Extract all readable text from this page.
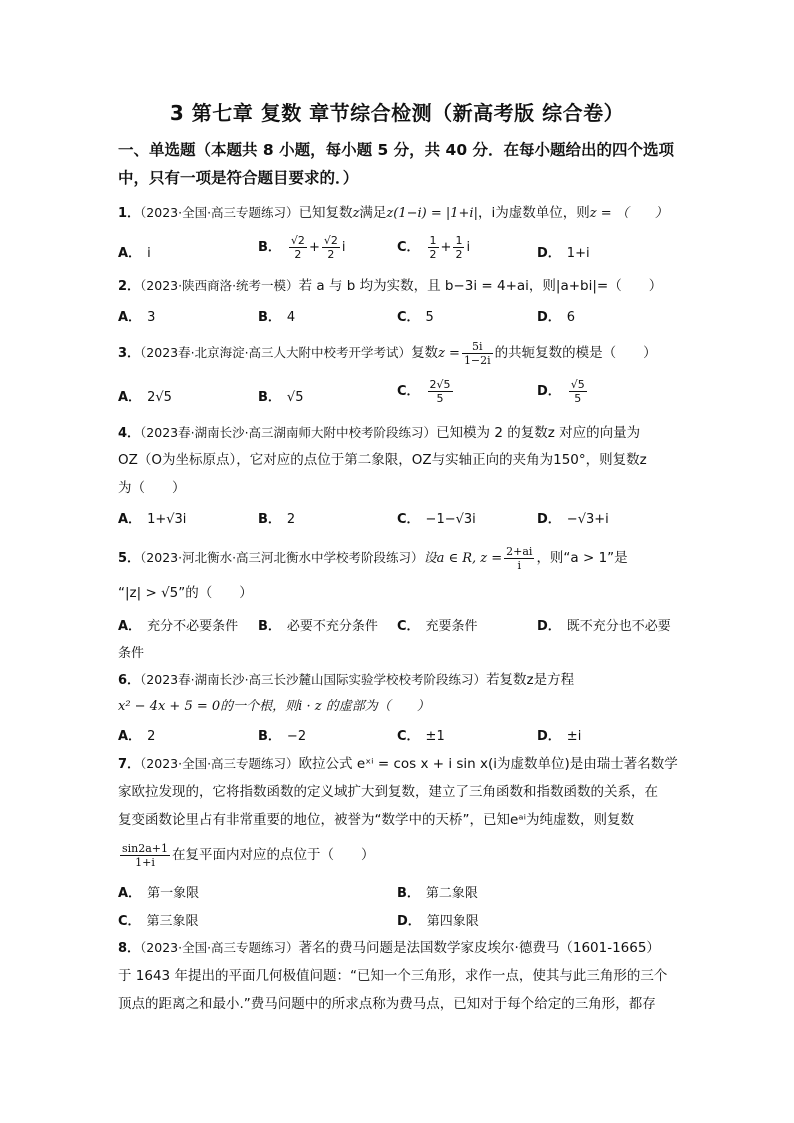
3 第七章 复数 章节综合检测（新高考版 综合卷）
一、单选题（本题共 8 小题，每小题 5 分，共 40 分．在每小题给出的四个选项
中，只有一项是符合题目要求的．）
1．（2023·全国·高三专题练习）已知复数z满足z(1−i) = |1+i|，i为虚数单位，则z = （　　）
A． i	B． $\frac{√2}{2} + \frac{√2}{2}$ i	C． $\frac{1}{2} + \frac{1}{2}$ i	D． 1+i
2．（2023·陕西商洛·统考一模）若 a 与 b 均为实数，且 b−3i = 4+ai，则|a+bi|=（　　）
A． 3	B． 4	C． 5	D． 6
3．（2023春·北京海淀·高三人大附中校考开学考试）复数$z = \frac{5i}{1-2i}$ 的共轭复数的模是（　　）
A． 2√5	B． √5	C． $\frac{2√5}{5}$	D． $\frac{√5}{5}$
4．（2023春·湖南长沙·高三湖南师大附中校考阶段练习）已知模为 2 的复数z 对应的向量为
OZ（O为坐标原点），它对应的点位于第二象限，OZ与实轴正向的夹角为150°，则复数z
为（　　）
A． 1+√3i	B． 2	C． −1−√3i	D． −√3+i
5．（2023·河北衡水·高三河北衡水中学校考阶段练习）设a ∈ R, $z = \frac{2+ai}{i}$ ，则“a > 1”是
“|z| > √5”的（　　）
A． 充分不必要条件 B． 必要不充分条件 C． 充要条件	D． 既不充分也不必要
条件
6．（2023春·湖南长沙·高三长沙麓山国际实验学校校考阶段练习）若复数z是方程
x² − 4x + 5 = 0的一个根，则i · z 的虚部为（　　）
A． 2	B． −2	C． ±1	D． ±i
7．（2023·全国·高三专题练习）欧拉公式 eˣⁱ = cos x + i sin x(i为虚数单位)是由瑞士著名数学
家欧拉发现的，它将指数函数的定义域扩大到复数，建立了三角函数和指数函数的关系，在
复变函数论里占有非常重要的地位，被誉为“数学中的天桥”，已知eᵃⁱ为纯虚数，则复数
$\frac{\sin 2a+1}{1+i}$ 在复平面内对应的点位于（　　）
A． 第一象限	B． 第二象限
C． 第三象限	D． 第四象限
8．（2023·全国·高三专题练习）著名的费马问题是法国数学家皮埃尔·德费马（1601-1665）
于 1643 年提出的平面几何极值问题：“已知一个三角形，求作一点，使其与此三角形的三个
顶点的距离之和最小.”费马问题中的所求点称为费马点，已知对于每个给定的三角形，都存
